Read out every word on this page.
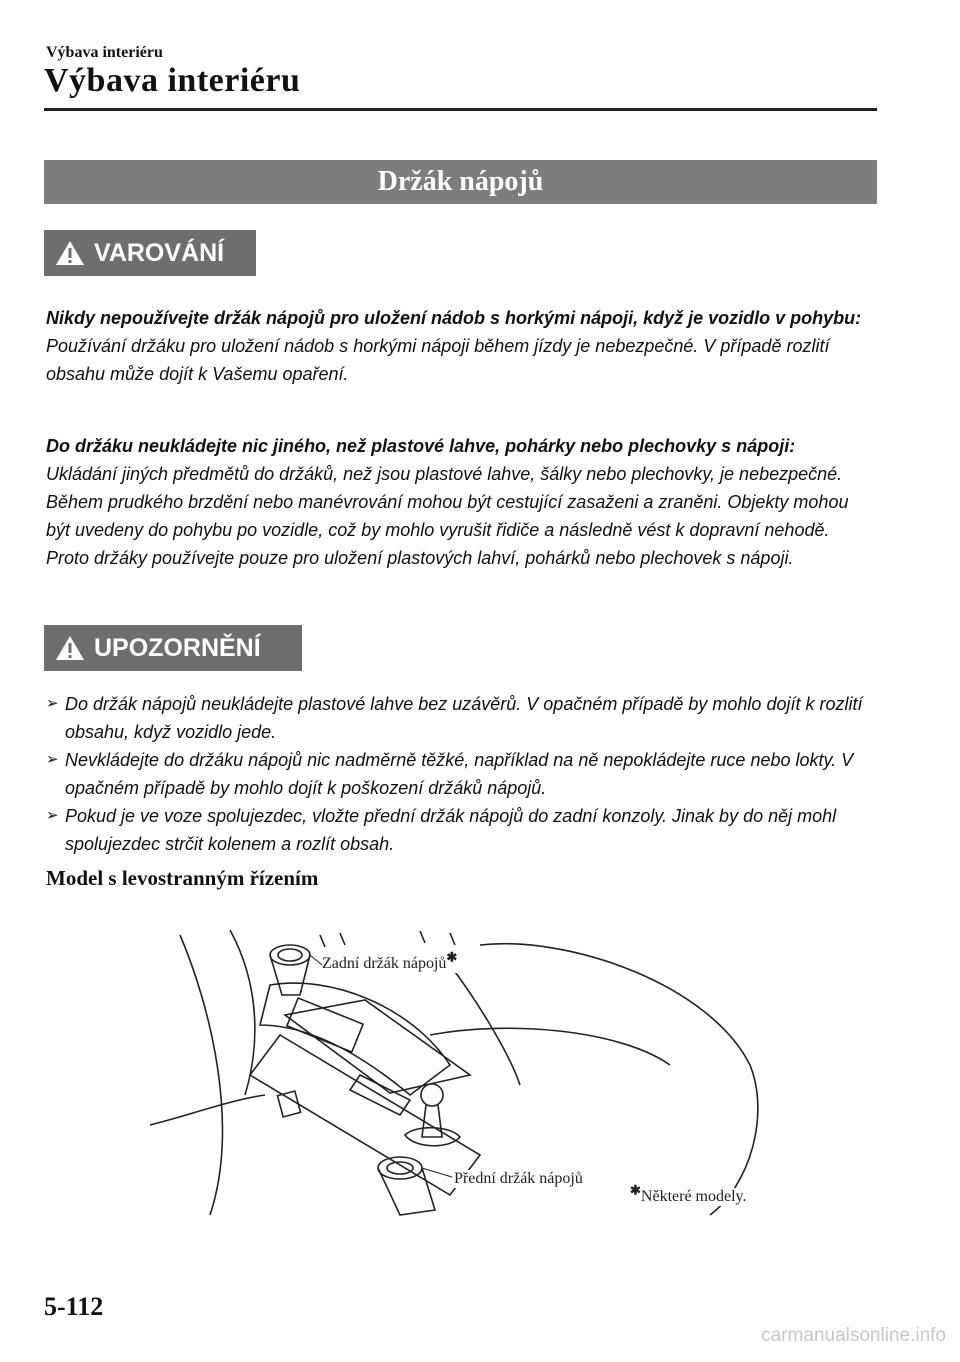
Výbava interiéru
Výbava interiéru
Držák nápojů
VAROVÁNÍ

Nikdy nepoužívejte držák nápojů pro uložení nádob s horkými nápoji, když je vozidlo v pohybu:

Používání držáku pro uložení nádob s horkými nápoji během jízdy je nebezpečné. V případě rozlití obsahu může dojít k Vašemu opaření.

Do držáku neukládejte nic jiného, než plastové lahve, pohárky nebo plechovky s nápoji:

Ukládání jiných předmětů do držáků, než jsou plastové lahve, šálky nebo plechovky, je nebezpečné. Během prudkého brzdění nebo manévrování mohou být cestující zasaženi a zraněni. Objekty mohou být uvedeny do pohybu po vozidle, což by mohlo vyrušit řidiče a následně vést k dopravní nehodě. Proto držáky používejte pouze pro uložení plastových lahví, pohárků nebo plechovek s nápoji.

UPOZORNĚNÍ
➢ Do držák nápojů neukládejte plastové lahve bez uzávěrů. V opačném případě by mohlo dojít k rozlití obsahu, když vozidlo jede.
➢ Nevkládejte do držáku nápojů nic nadměrně těžké, například na ně nepokládejte ruce nebo lokty. V opačném případě by mohlo dojít k poškození držáků nápojů.
➢ Pokud je ve voze spolujezdec, vložte přední držák nápojů do zadní konzoly. Jinak by do něj mohl spolujezdec strčit kolenem a rozlít obsah.
Model s levostranným řízením
Zadní držák nápojů✱
Přední držák nápojů
✱Některé modely.
5-112
carmanualsonline.info
